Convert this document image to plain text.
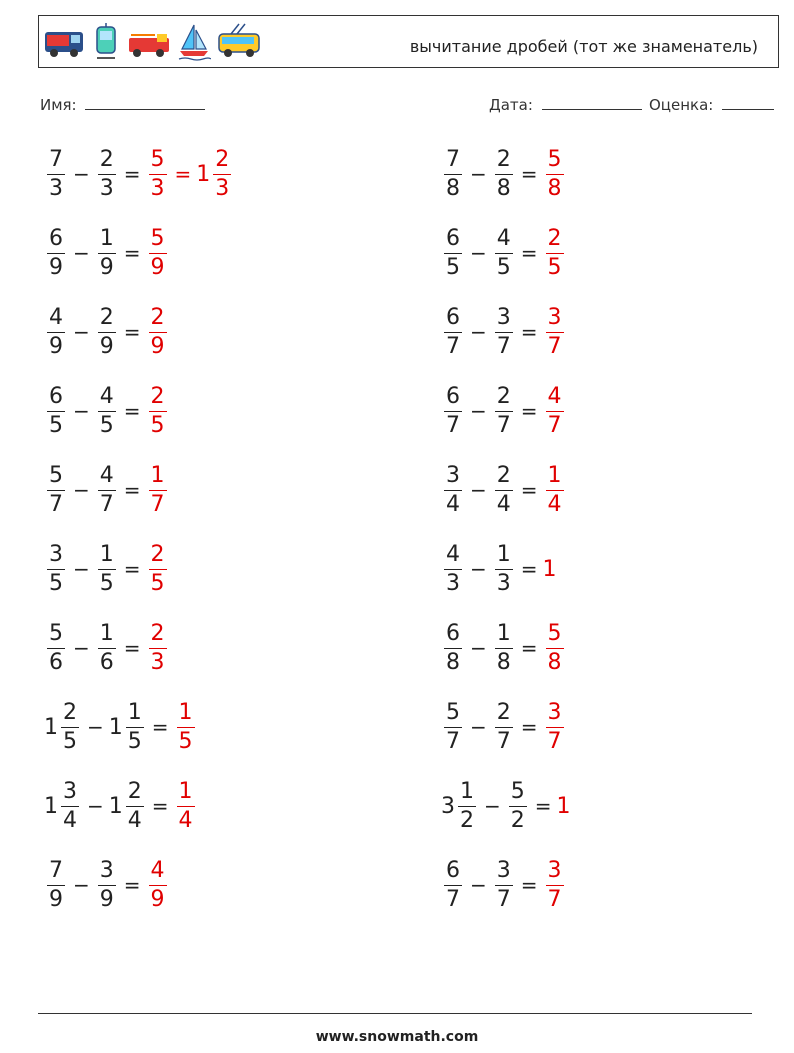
вычитание дробей (тот же знаменатель)
Имя:	Дата:	Оценка:
$\frac{7}{3} - \frac{2}{3} = \frac{5}{3} = 1 \frac{2}{3}$
$\frac{6}{9} - \frac{1}{9} = \frac{5}{9}$
$\frac{4}{9} - \frac{2}{9} = \frac{2}{9}$
$\frac{6}{5} - \frac{4}{5} = \frac{2}{5}$
$\frac{5}{7} - \frac{4}{7} = \frac{1}{7}$
$\frac{3}{5} - \frac{1}{5} = \frac{2}{5}$
$\frac{5}{6} - \frac{1}{6} = \frac{2}{3}$
$1 \frac{2}{5} - 1 \frac{1}{5} = \frac{1}{5}$
$1 \frac{3}{4} - 1 \frac{2}{4} = \frac{1}{4}$
$\frac{7}{9} - \frac{3}{9} = \frac{4}{9}$
$\frac{7}{8} - \frac{2}{8} = \frac{5}{8}$
$\frac{6}{5} - \frac{4}{5} = \frac{2}{5}$
$\frac{6}{7} - \frac{3}{7} = \frac{3}{7}$
$\frac{6}{7} - \frac{2}{7} = \frac{4}{7}$
$\frac{3}{4} - \frac{2}{4} = \frac{1}{4}$
$\frac{4}{3} - \frac{1}{3} = 1$
$\frac{6}{8} - \frac{1}{8} = \frac{5}{8}$
$\frac{5}{7} - \frac{2}{7} = \frac{3}{7}$
$3 \frac{1}{2} - \frac{5}{2} = 1$
$\frac{6}{7} - \frac{3}{7} = \frac{3}{7}$
www.snowmath.com
